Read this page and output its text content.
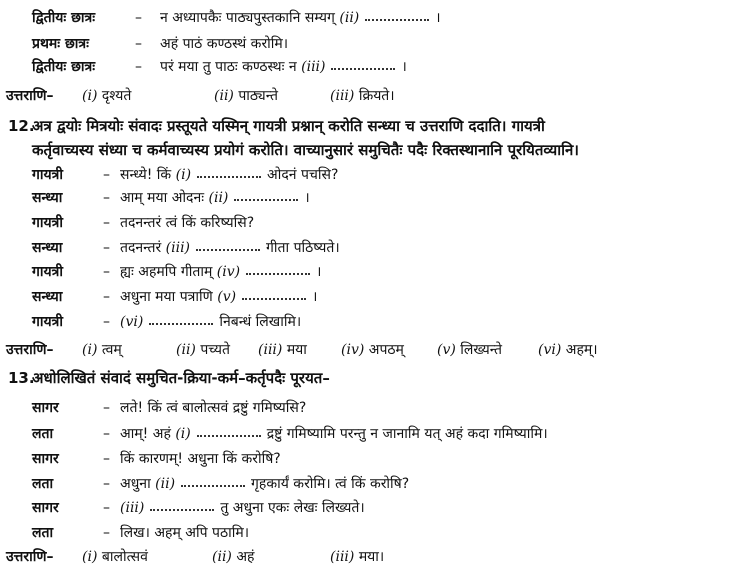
द्वितीयः छात्रः	– न अध्यापकैः पाठ्यपुस्तकानि सम्यग् (ii)	।
प्रथमः छात्रः	– अहं पाठं कण्ठस्थं करोमि।
द्वितीयः छात्रः	– परं मया तु पाठः कण्ठस्थः न (iii)	।
उत्तराणि– (i) दृश्यते	(ii) पाठ्यन्ते	(iii) क्रियते।
12.अत्र द्वयोः मित्रयोः संवादः प्रस्तूयते यस्मिन् गायत्री प्रश्नान् करोति सन्ध्या च उत्तराणि ददाति। गायत्री
कर्तृवाच्यस्य संध्या च कर्मवाच्यस्य प्रयोगं करोति। वाच्यानुसारं समुचितैः पदैः रिक्तस्थानानि पूरयितव्यानि।
गायत्री	– सन्ध्ये! किं (i)	ओदनं पचसि?
सन्ध्या	– आम् मया ओदनः (ii)	।
गायत्री	– तदनन्तरं त्वं किं करिष्यसि?
सन्ध्या	– तदनन्तरं (iii)	गीता पठिष्यते।
गायत्री	– ह्यः अहमपि गीताम् (iv)	।
सन्ध्या	– अधुना मया पत्राणि (v)	।
गायत्री	– (vi)	निबन्धं लिखामि।
उत्तराणि– (i) त्वम्	(ii) पच्यते (iii) मया (iv) अपठम् (v) लिख्यन्ते	(vi) अहम्।
13.अधोलिखितं संवादं समुचित-क्रिया-कर्म–कर्तृपदैः पूरयत–
सागर	– लते! किं त्वं बालोत्सवं द्रष्टुं गमिष्यसि?
लता	– आम्! अहं (i)	द्रष्टुं गमिष्यामि परन्तु न जानामि यत् अहं कदा गमिष्यामि।
सागर	– किं कारणम्! अधुना किं करोषि?
लता	– अधुना (ii)	गृहकार्यं करोमि। त्वं किं करोषि?
सागर	– (iii)	तु अधुना एकः लेखः लिख्यते।
लता	– लिख। अहम् अपि पठामि।
उत्तराणि– (i) बालोत्सवं	(ii) अहं	(iii) मया।
